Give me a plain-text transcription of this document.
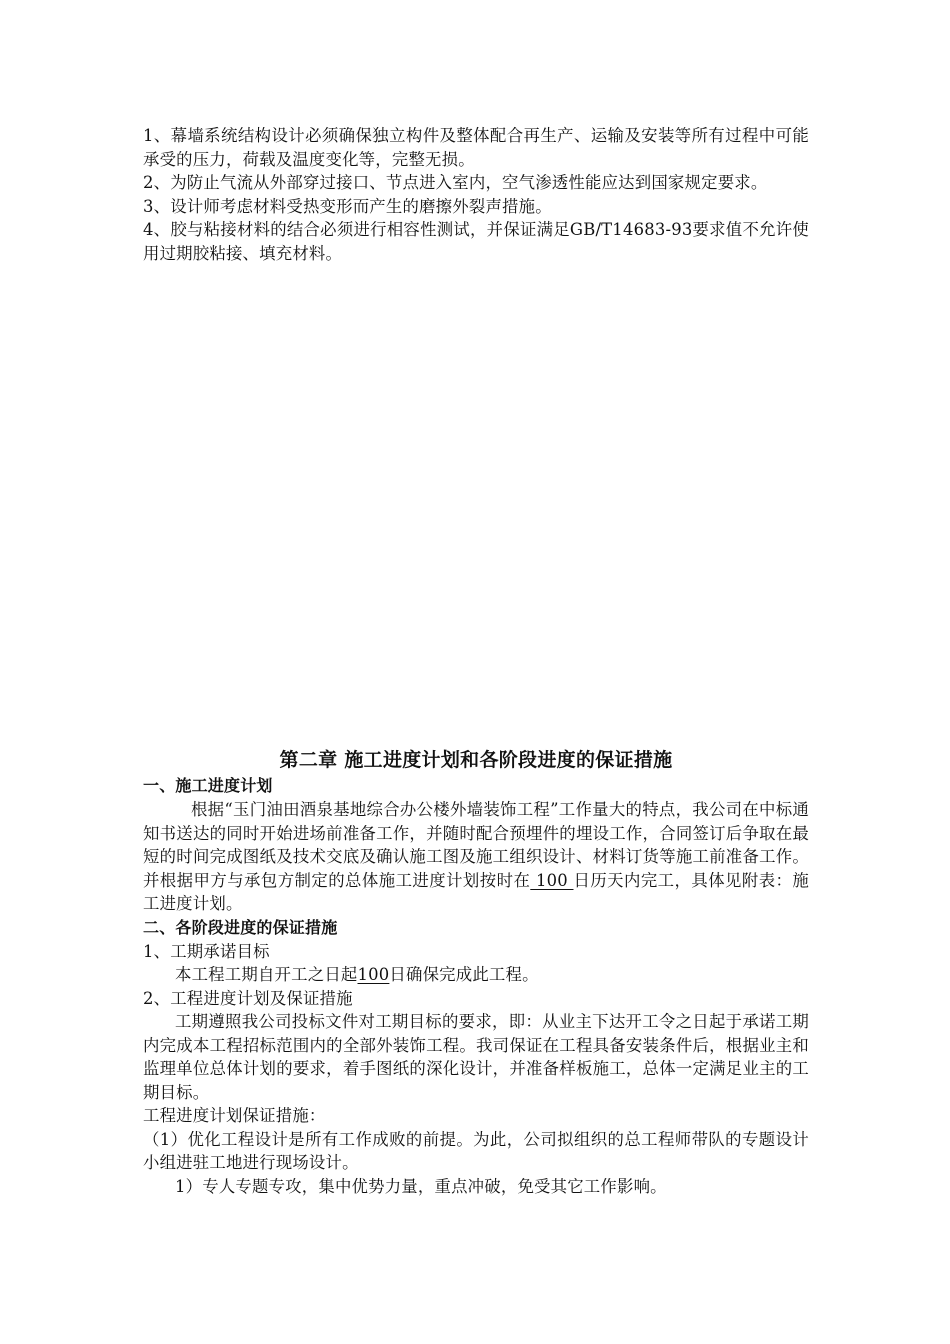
1、幕墙系统结构设计必须确保独立构件及整体配合再生产、运输及安装等所有过程中可能承受的压力，荷载及温度变化等，完整无损。

2、为防止气流从外部穿过接口、节点进入室内，空气渗透性能应达到国家规定要求。

3、设计师考虑材料受热变形而产生的磨擦外裂声措施。

4、胶与粘接材料的结合必须进行相容性测试，并保证满足GB/T14683-93要求值不允许使用过期胶粘接、填充材料。

第二章 施工进度计划和各阶段进度的保证措施

一、施工进度计划

根据“玉门油田酒泉基地综合办公楼外墙装饰工程”工作量大的特点，我公司在中标通知书送达的同时开始进场前准备工作，并随时配合预埋件的埋设工作，合同签订后争取在最短的时间完成图纸及技术交底及确认施工图及施工组织设计、材料订货等施工前准备工作。并根据甲方与承包方制定的总体施工进度计划按时在 100 日历天内完工，具体见附表：施工进度计划。

二、各阶段进度的保证措施

1、工期承诺目标

本工程工期自开工之日起100日确保完成此工程。

2、工程进度计划及保证措施

工期遵照我公司投标文件对工期目标的要求，即：从业主下达开工令之日起于承诺工期内完成本工程招标范围内的全部外装饰工程。我司保证在工程具备安装条件后，根据业主和监理单位总体计划的要求，着手图纸的深化设计，并准备样板施工，总体一定满足业主的工期目标。

工程进度计划保证措施：

（1）优化工程设计是所有工作成败的前提。为此，公司拟组织的总工程师带队的专题设计小组进驻工地进行现场设计。

1）专人专题专攻，集中优势力量，重点冲破，免受其它工作影响。
